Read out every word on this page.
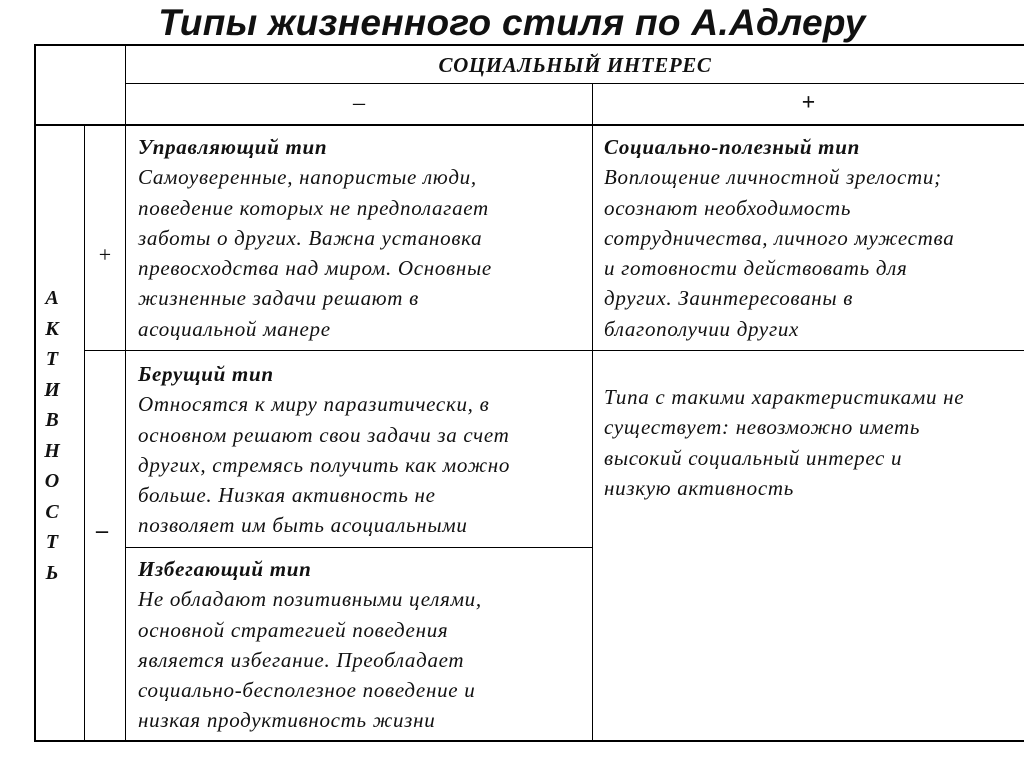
Типы жизненного стиля по А.Адлеру
СОЦИАЛЬНЫЙ ИНТЕРЕС
–	+
А
К
Т
И
В
Н
О
С
Т
Ь
+
–
Управляющий тип
Самоуверенные, напористые люди,
поведение которых не предполагает
заботы о других. Важна установка
превосходства над миром. Основные
жизненные задачи решают в
асоциальной манере
Социально-полезный тип
Воплощение личностной зрелости;
осознают необходимость
сотрудничества, личного мужества
и готовности действовать для
других. Заинтересованы в
благополучии других
Берущий тип
Относятся к миру паразитически, в
основном решают свои задачи за счет
других, стремясь получить как можно
больше. Низкая активность не
позволяет им быть асоциальными
Типа с такими характеристиками не
существует: невозможно иметь
высокий социальный интерес и
низкую активность
Избегающий тип
Не обладают позитивными целями,
основной стратегией поведения
является избегание. Преобладает
социально-бесполезное поведение и
низкая продуктивность жизни
